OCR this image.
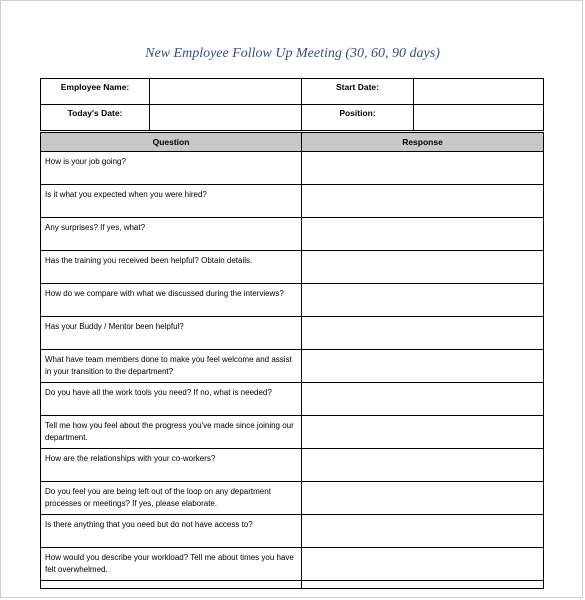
New Employee Follow Up Meeting (30, 60, 90 days)
Employee Name:		Start Date:	
Today's Date:		Position:	
Question	Response
How is your job going?	
Is it what you expected when you were hired?	
Any surprises? If yes, what?	
Has the training you received been helpful? Obtain details.	
How do we compare with what we discussed during the interviews?	
Has your Buddy / Mentor been helpful?	
What have team members done to make you feel welcome and assist in your transition to the department?	
Do you have all the work tools you need? If no, what is needed?	
Tell me how you feel about the progress you've made since joining our department.	
How are the relationships with your co-workers?	
Do you feel you are being left out of the loop on any department processes or meetings? If yes, please elaborate.	
Is there anything that you need but do not have access to?	
How would you describe your workload? Tell me about times you have felt overwhelmed.	
